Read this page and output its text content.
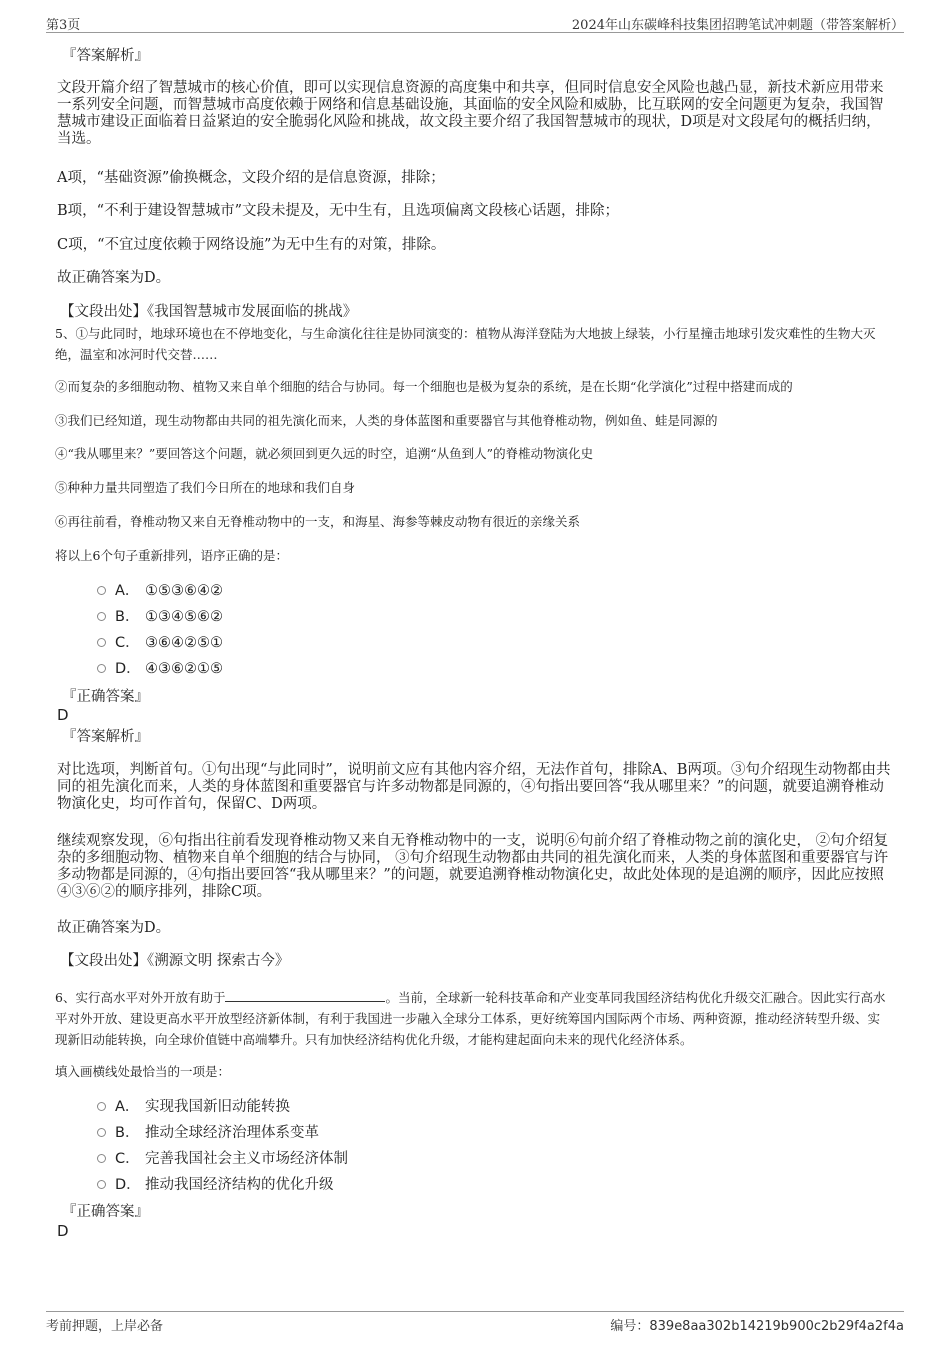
第3页	2024年山东碳峰科技集团招聘笔试冲刺题（带答案解析）
『答案解析』
文段开篇介绍了智慧城市的核心价值，即可以实现信息资源的高度集中和共享，但同时信息安全风险也越凸显，新技术新应用带来一系列安全问题，而智慧城市高度依赖于网络和信息基础设施，其面临的安全风险和威胁，比互联网的安全问题更为复杂，我国智慧城市建设正面临着日益紧迫的安全脆弱化风险和挑战，故文段主要介绍了我国智慧城市的现状，D项是对文段尾句的概括归纳，当选。
A项，“基础资源”偷换概念，文段介绍的是信息资源，排除；
B项，“不利于建设智慧城市”文段未提及，无中生有，且选项偏离文段核心话题，排除；
C项，“不宜过度依赖于网络设施”为无中生有的对策，排除。
故正确答案为D。
【文段出处】《我国智慧城市发展面临的挑战》
5、①与此同时，地球环境也在不停地变化，与生命演化往往是协同演变的：植物从海洋登陆为大地披上绿装，小行星撞击地球引发灾难性的生物大灭绝，温室和冰河时代交替……
②而复杂的多细胞动物、植物又来自单个细胞的结合与协同。每一个细胞也是极为复杂的系统，是在长期“化学演化”过程中搭建而成的
③我们已经知道，现生动物都由共同的祖先演化而来，人类的身体蓝图和重要器官与其他脊椎动物，例如鱼、蛙是同源的
④“我从哪里来？”要回答这个问题，就必须回到更久远的时空，追溯“从鱼到人”的脊椎动物演化史
⑤种种力量共同塑造了我们今日所在的地球和我们自身
⑥再往前看，脊椎动物又来自无脊椎动物中的一支，和海星、海参等棘皮动物有很近的亲缘关系
将以上6个句子重新排列，语序正确的是：
A． ①⑤③⑥④②
B． ①③④⑤⑥②
C． ③⑥④②⑤①
D． ④③⑥②①⑤
『正确答案』
D
『答案解析』
对比选项，判断首句。①句出现“与此同时”，说明前文应有其他内容介绍，无法作首句，排除A、B两项。③句介绍现生动物都由共同的祖先演化而来，人类的身体蓝图和重要器官与许多动物都是同源的，④句指出要回答“我从哪里来？”的问题，就要追溯脊椎动物演化史，均可作首句，保留C、D两项。
继续观察发现，⑥句指出往前看发现脊椎动物又来自无脊椎动物中的一支，说明⑥句前介绍了脊椎动物之前的演化史， ②句介绍复杂的多细胞动物、植物来自单个细胞的结合与协同， ③句介绍现生动物都由共同的祖先演化而来，人类的身体蓝图和重要器官与许多动物都是同源的，④句指出要回答“我从哪里来？”的问题，就要追溯脊椎动物演化史，故此处体现的是追溯的顺序，因此应按照④③⑥②的顺序排列，排除C项。
故正确答案为D。
【文段出处】《溯源文明 探索古今》
6、实行高水平对外开放有助于	。当前，全球新一轮科技革命和产业变革同我国经济结构优化升级交汇融合。因此实行高水平对外开放、建设更高水平开放型经济新体制，有利于我国进一步融入全球分工体系，更好统筹国内国际两个市场、两种资源，推动经济转型升级、实现新旧动能转换，向全球价值链中高端攀升。只有加快经济结构优化升级，才能构建起面向未来的现代化经济体系。
填入画横线处最恰当的一项是：
A． 实现我国新旧动能转换
B． 推动全球经济治理体系变革
C． 完善我国社会主义市场经济体制
D． 推动我国经济结构的优化升级
『正确答案』
D
考前押题，上岸必备	编号：839e8aa302b14219b900c2b29f4a2f4a
